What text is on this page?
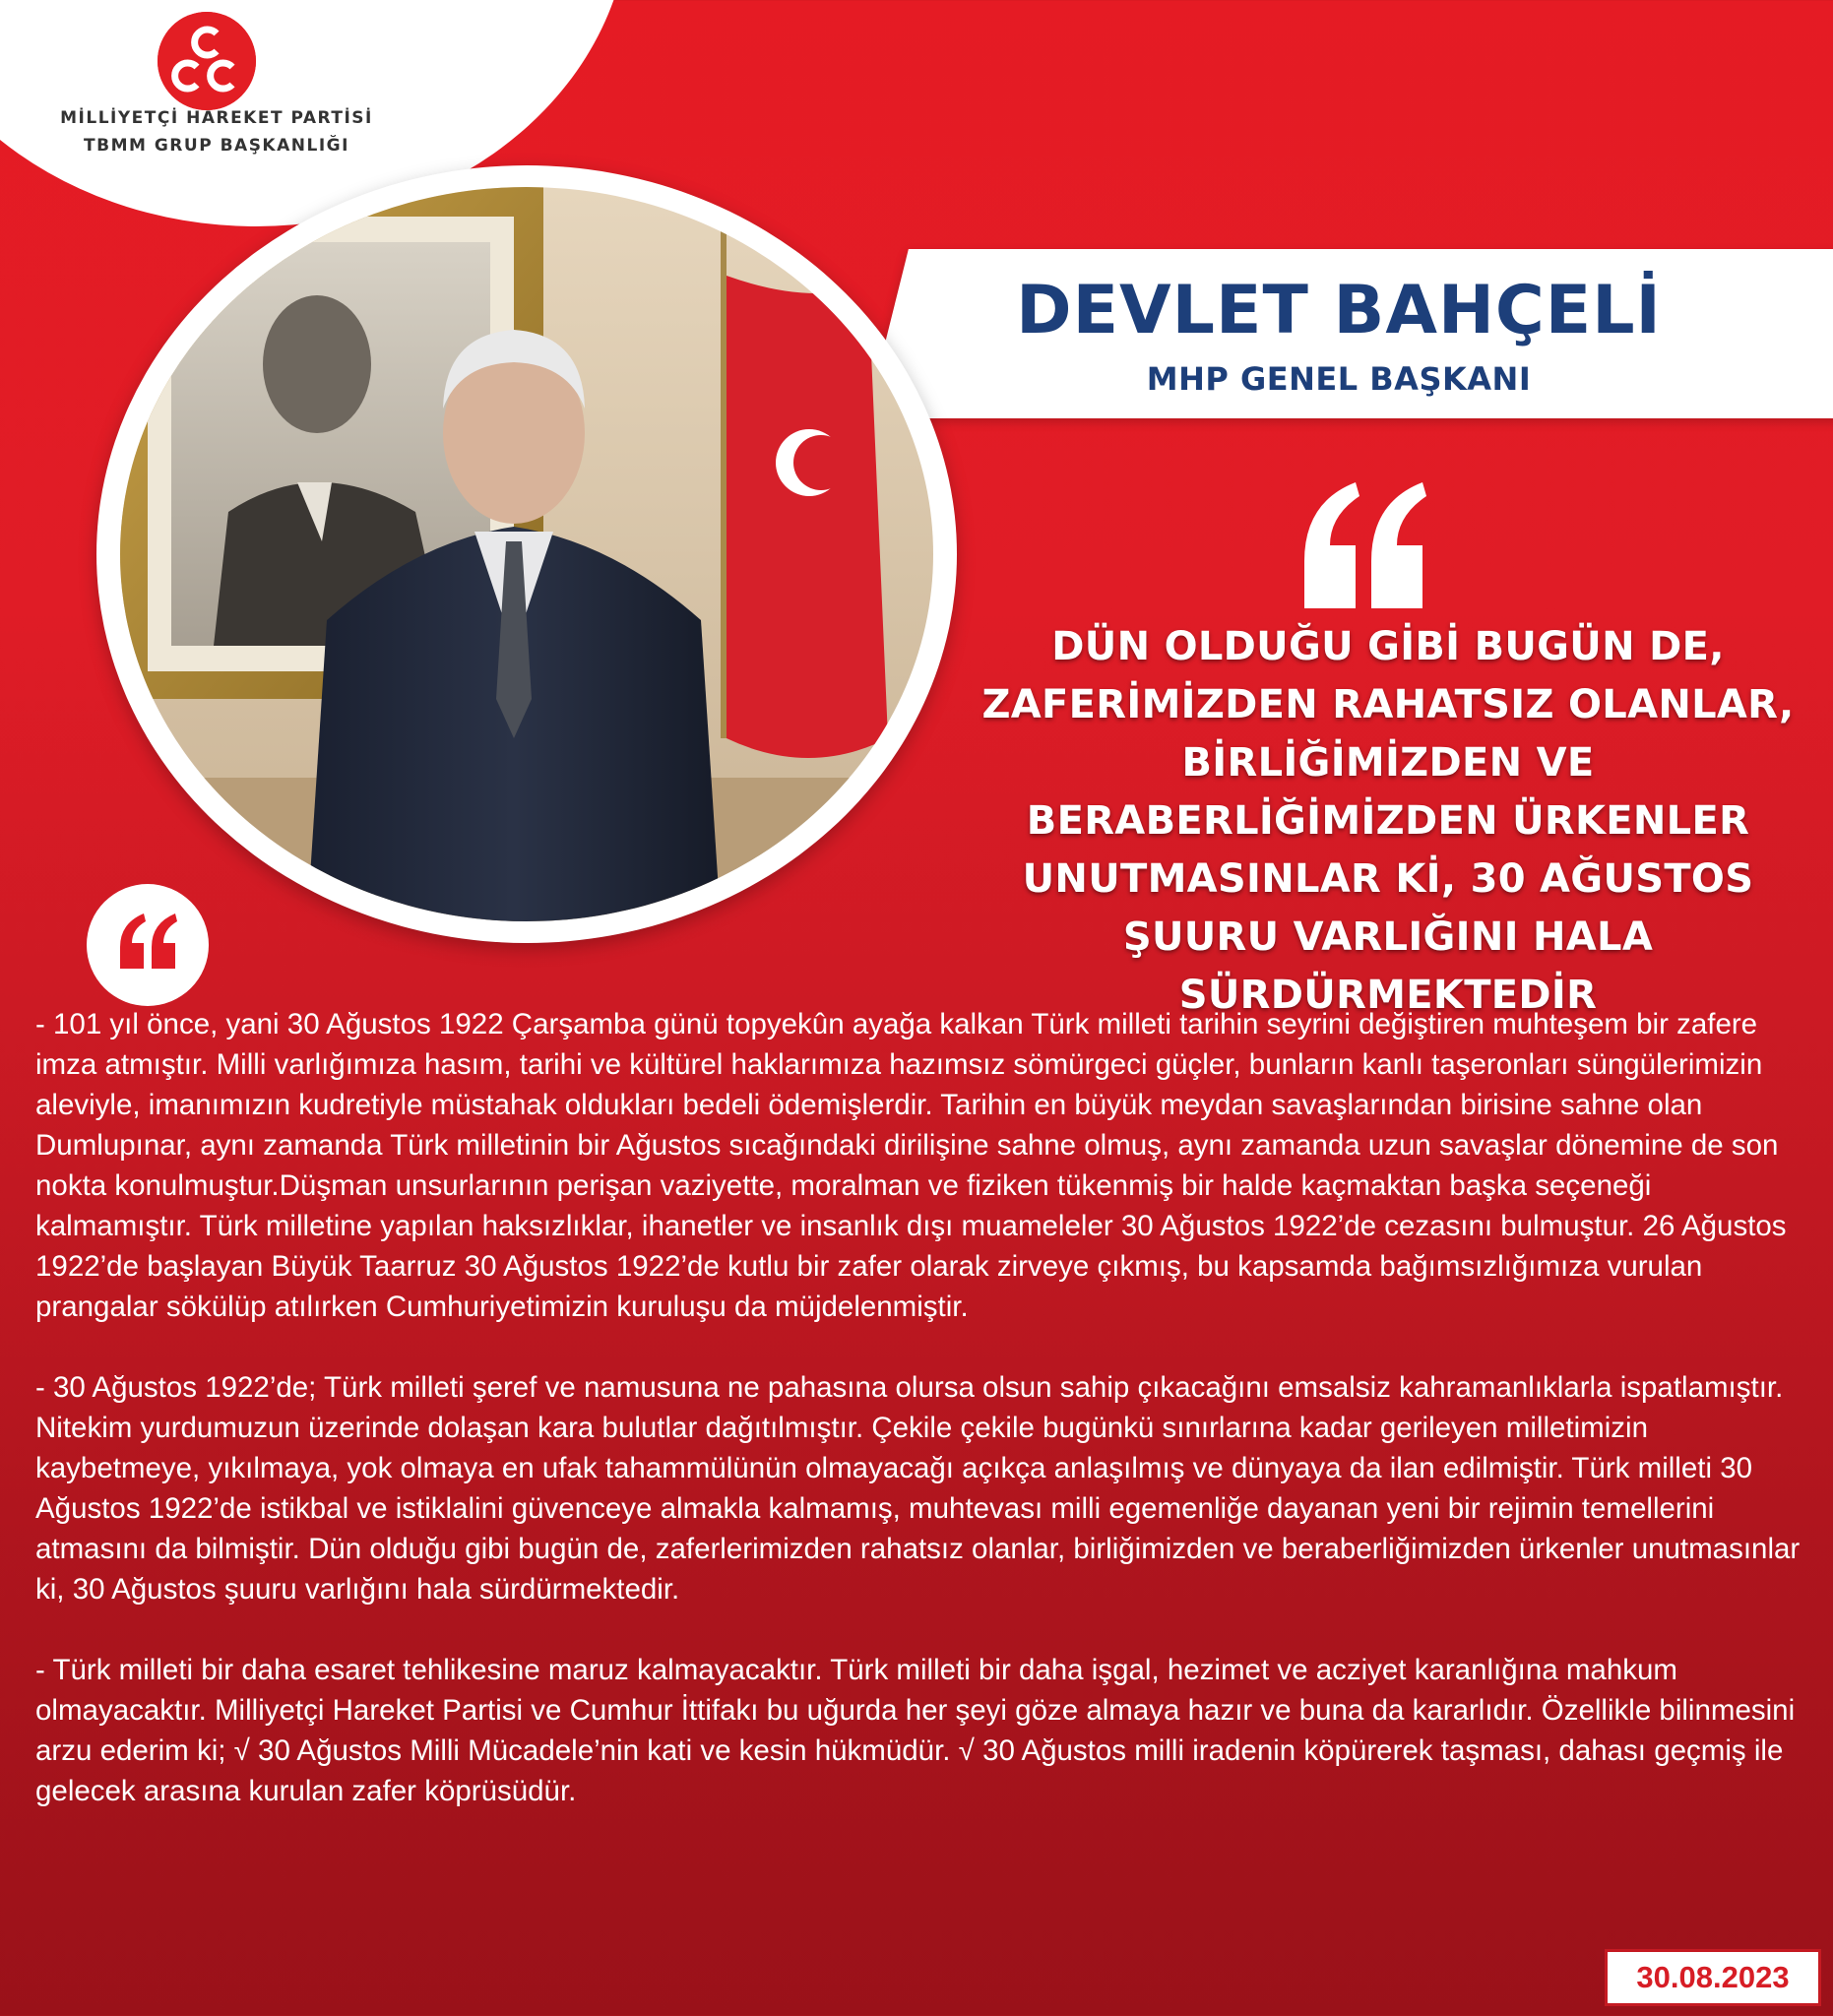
MİLLİYETÇİ HAREKET PARTİSİ
TBMM GRUP BAŞKANLIĞI
DEVLET BAHÇELİ
MHP GENEL BAŞKANI
DÜN OLDUĞU GİBİ BUGÜN DE, ZAFERİMİZDEN RAHATSIZ OLANLAR, BİRLİĞİMİZDEN VE BERABERLİĞİMİZDEN ÜRKENLER UNUTMASINLAR Kİ, 30 AĞUSTOS ŞUURU VARLIĞINI HALA SÜRDÜRMEKTEDİR

- 101 yıl önce, yani 30 Ağustos 1922 Çarşamba günü topyekûn ayağa kalkan Türk milleti tarihin seyrini değiştiren muhteşem bir zafere imza atmıştır. Milli varlığımıza hasım, tarihi ve kültürel haklarımıza hazımsız sömürgeci güçler, bunların kanlı taşeronları süngülerimizin aleviyle, imanımızın kudretiyle müstahak oldukları bedeli ödemişlerdir. Tarihin en büyük meydan savaşlarından birisine sahne olan Dumlupınar, aynı zamanda Türk milletinin bir Ağustos sıcağındaki dirilişine sahne olmuş, aynı zamanda uzun savaşlar dönemine de son nokta konulmuştur.Düşman unsurlarının perişan vaziyette, moralman ve fiziken tükenmiş bir halde kaçmaktan başka seçeneği kalmamıştır. Türk milletine yapılan haksızlıklar, ihanetler ve insanlık dışı muameleler 30 Ağustos 1922’de cezasını bulmuştur. 26 Ağustos 1922’de başlayan Büyük Taarruz 30 Ağustos 1922’de kutlu bir zafer olarak zirveye çıkmış, bu kapsamda bağımsızlığımıza vurulan prangalar sökülüp atılırken Cumhuriyetimizin kuruluşu da müjdelenmiştir.

- 30 Ağustos 1922’de; Türk milleti şeref ve namusuna ne pahasına olursa olsun sahip çıkacağını emsalsiz kahramanlıklarla ispatlamıştır. Nitekim yurdumuzun üzerinde dolaşan kara bulutlar dağıtılmıştır. Çekile çekile bugünkü sınırlarına kadar gerileyen milletimizin kaybetmeye, yıkılmaya, yok olmaya en ufak tahammülünün olmayacağı açıkça anlaşılmış ve dünyaya da ilan edilmiştir. Türk milleti 30 Ağustos 1922’de istikbal ve istiklalini güvenceye almakla kalmamış, muhtevası milli egemenliğe dayanan yeni bir rejimin temellerini atmasını da bilmiştir. Dün olduğu gibi bugün de, zaferlerimizden rahatsız olanlar, birliğimizden ve beraberliğimizden ürkenler unutmasınlar ki, 30 Ağustos şuuru varlığını hala sürdürmektedir.

- Türk milleti bir daha esaret tehlikesine maruz kalmayacaktır. Türk milleti bir daha işgal, hezimet ve acziyet karanlığına mahkum olmayacaktır. Milliyetçi Hareket Partisi ve Cumhur İttifakı bu uğurda her şeyi göze almaya hazır ve buna da kararlıdır. Özellikle bilinmesini arzu ederim ki; √ 30 Ağustos Milli Mücadele’nin kati ve kesin hükmüdür. √ 30 Ağustos milli iradenin köpürerek taşması, dahası geçmiş ile gelecek arasına kurulan zafer köprüsüdür.

30.08.2023
